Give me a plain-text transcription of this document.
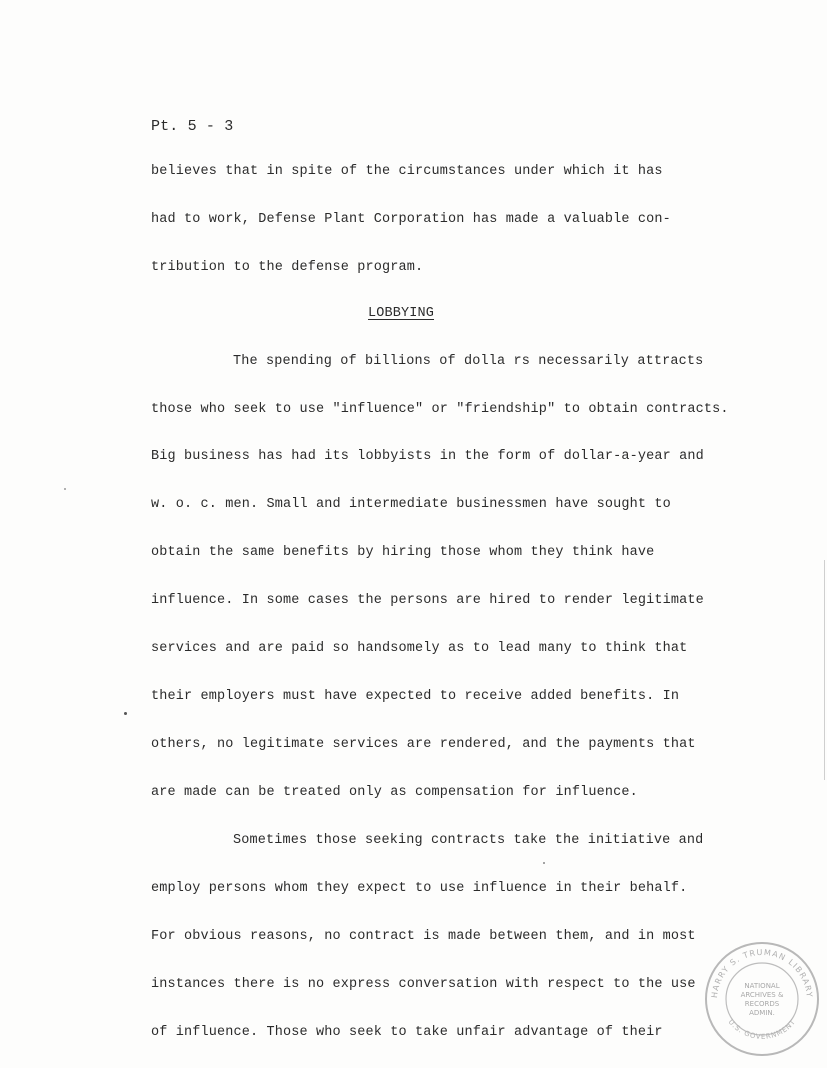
Pt. 5 - 3
believes that in spite of the circumstances under which it has
had to work, Defense Plant Corporation has made a valuable con-
tribution to the defense program.
LOBBYING
The spending of billions of dolla rs necessarily attracts
those who seek to use "influence" or "friendship" to obtain contracts.
Big business has had its lobbyists in the form of dollar-a-year and
w. o. c. men. Small and intermediate businessmen have sought to
obtain the same benefits by hiring those whom they think have
influence. In some cases the persons are hired to render legitimate
services and are paid so handsomely as to lead many to think that
their employers must have expected to receive added benefits. In
others, no legitimate services are rendered, and the payments that
are made can be treated only as compensation for influence.
Sometimes those seeking contracts take the initiative and
employ persons whom they expect to use influence in their behalf.
For obvious reasons, no contract is made between them, and in most
instances there is no express conversation with respect to the use
of influence. Those who seek to take unfair advantage of their
HARRY S. TRUMAN LIBRARY
U.S. GOVERNMENT
NATIONAL
ARCHIVES &
RECORDS
ADMIN.
